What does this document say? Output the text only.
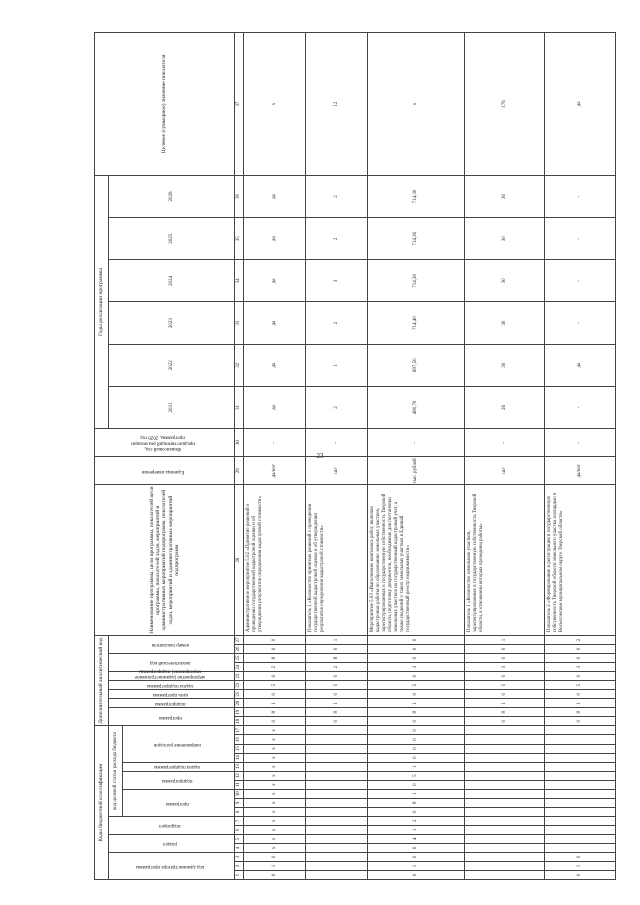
23
Коды бюджетной классификации																	Дополнительный аналитический код										Наименование программы, цели программы, показателей цели программы, показателей задач, мероприятий и административных мероприятий подпрограмм, показателей задач, мероприятий и административных мероприятий подпрограмм	Единица измерения	Финансовый год, предшествующий реализации программы, 2020 год	Годы реализации программы						Целевое (суммарное) значение показателя
код администратора программы			раздел		подраздел		код целевой статьи расхода бюджета										программа		подпрограмма	цель программы	задача подпрограммы	мероприятие (административное мероприятие) подпрограммы	аналитический код		номер показателя					2021	2022	2023	2024	2025	2026	
							программа			подпрограмма		задача подпрограммы	направление расходов																							
1	2	3	4	5	6	7	8	9	10	11	12	13	14	15	16	17	18	19	20	21	22	23	24	25	26	27	28	29	30	31	32	33	34	35	36	37
0	1	0	x	x	x	x	x	x	x	x	x	x	x	x	x	x	0	8	1	0	5	0	2	8	0	0	Административное мероприятие 5.02 «Принятие решений о проведении государственной кадастровой оценки и об утверждении результатов определения кадастровой стоимости»	да/нет	-	да	да	да	да	да	да	х
																	0	8	1	0	5	0	2	8	0	1	Показатель 1 «Количество принятых решений о проведении государственной кадастровой оценки и об утверждении результатов определения кадастровой стоимости»	шт	-	2	1	2	3	2	2	12
0	1	0	0	4	1	2	0	8	1	0	5	1	0	0	0	0	0	8	1	0	5	0	3	0	0	0	Мероприятие 5.03 «Выполнение комплекса работ, включая кадастровые работы по образованию земельных участков, зарегистрированных в государственную собственность Тверской области, подготовку документов, необходимых для постановки земельных участков на государственный кадастровый учет, а также сведений о таких земельных участках в Единый государственный реестр недвижимости»	тыс. рублей	-	490,70	697,50	714,40	714,30	714,30	714,30	х
																	0	8	1	0	5	0	3	0	0	1	Показатель 1 «Количество земельных участков, зарегистрированных в государственную собственность Тверской области, в отношении которых проведены работы»	шт	-	26	30	30	30	30	30	176
0	1	0															0	8	1	0	5	0	3	0	0	2	Показатель 2 «Формирование и регистрация в государственную собственность Тверской области земельного участка площадью в Весьегонском муниципальном округе Тверской области»	да/нет	-	-	да	-	-	-	-	да
